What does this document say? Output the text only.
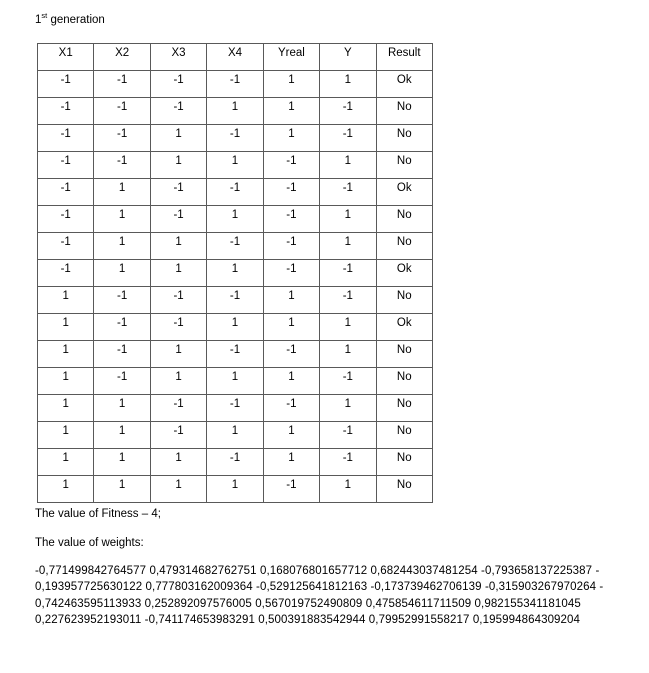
1st generation

X1	X2	X3	X4	Yreal	Y	Result
-1	-1	-1	-1	1	1	Ok
-1	-1	-1	1	1	-1	No
-1	-1	1	-1	1	-1	No
-1	-1	1	1	-1	1	No
-1	1	-1	-1	-1	-1	Ok
-1	1	-1	1	-1	1	No
-1	1	1	-1	-1	1	No
-1	1	1	1	-1	-1	Ok
1	-1	-1	-1	1	-1	No
1	-1	-1	1	1	1	Ok
1	-1	1	-1	-1	1	No
1	-1	1	1	1	-1	No
1	1	-1	-1	-1	1	No
1	1	-1	1	1	-1	No
1	1	1	-1	1	-1	No
1	1	1	1	-1	1	No

The value of Fitness – 4;

The value of weights:

-0,771499842764577 0,479314682762751 0,168076801657712 0,682443037481254 -0,793658137225387 -
0,193957725630122 0,777803162009364 -0,529125641812163 -0,173739462706139 -0,315903267970264 -
0,742463595113933 0,252892097576005 0,567019752490809 0,475854611711509 0,982155341181045
0,227623952193011 -0,741174653983291 0,500391883542944 0,79952991558217 0,195994864309204
